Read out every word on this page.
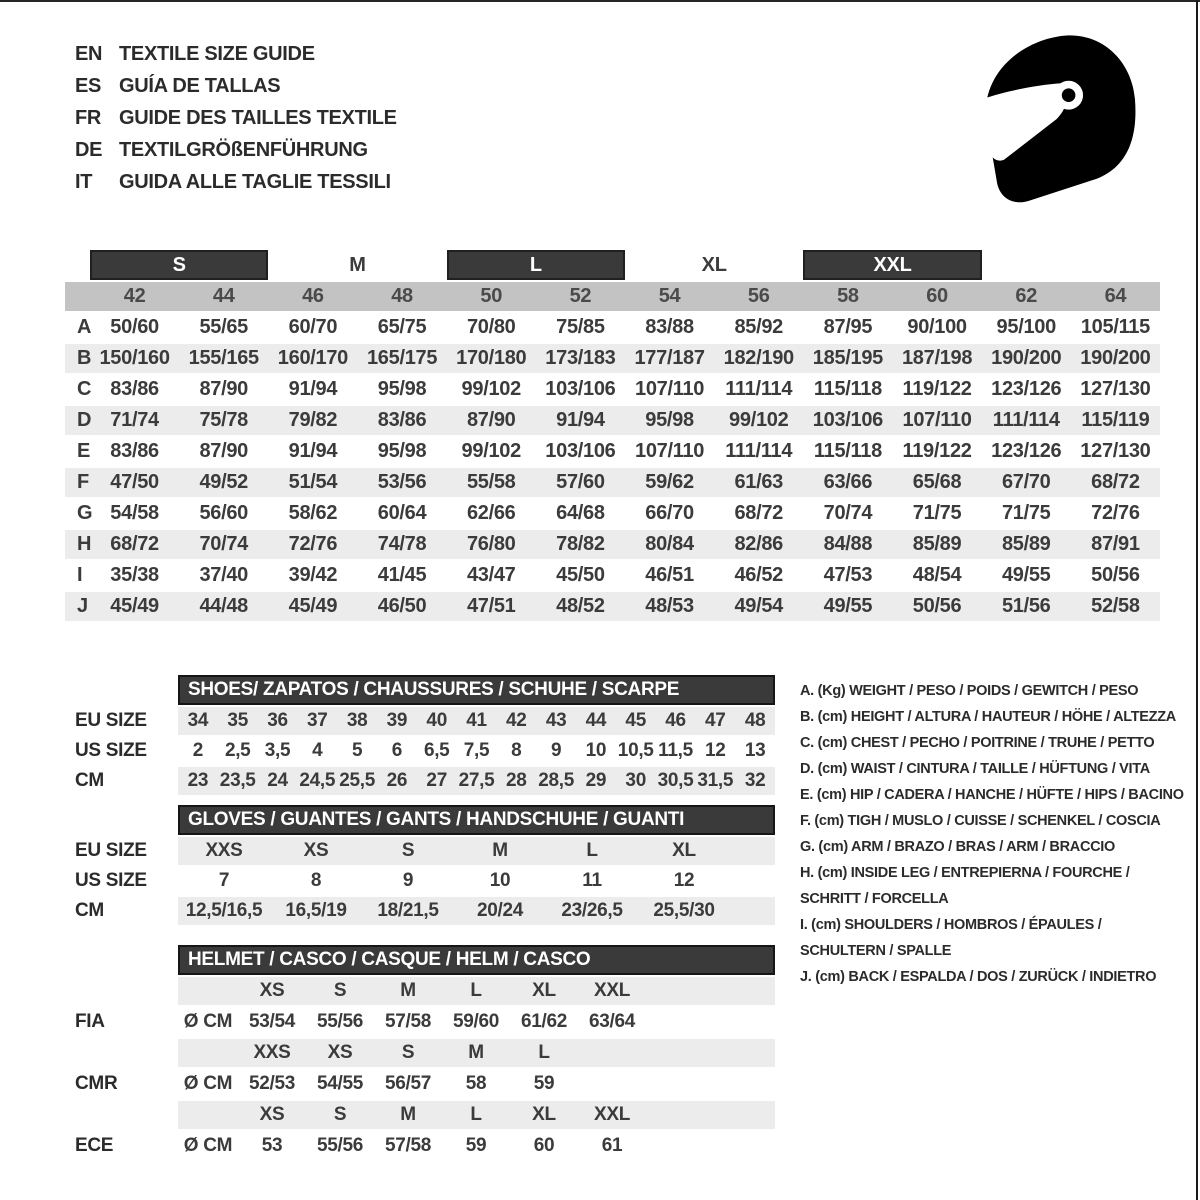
EN TEXTILE SIZE GUIDE
ES GUÍA DE TALLAS
FR GUIDE DES TAILLES TEXTILE
DE TEXTILGRÖßENFÜHRUNG
IT	GUIDA ALLE TAGLIE TESSILI
S	M	L	XL	XXL
42	44	46	48	50	52	54	56	58	60	62	64
A 50/60	55/65	60/70	65/75	70/80	75/85	83/88	85/92	87/95	90/100	95/100	105/115
B 150/160 155/165 160/170 165/175 170/180 173/183 177/187 182/190 185/195 187/198 190/200 190/200
C 83/86	87/90	91/94	95/98	99/102	103/106 107/110	111/114	115/118	119/122 123/126 127/130
D 71/74	75/78	79/82	83/86	87/90	91/94	95/98	99/102	103/106 107/110	111/114	115/119
E	83/86	87/90	91/94	95/98	99/102	103/106 107/110	111/114	115/118	119/122 123/126 127/130
F	47/50	49/52	51/54	53/56	55/58	57/60	59/62	61/63	63/66	65/68	67/70	68/72
G 54/58	56/60	58/62	60/64	62/66	64/68	66/70	68/72	70/74	71/75	71/75	72/76
H 68/72	70/74	72/76	74/78	76/80	78/82	80/84	82/86	84/88	85/89	85/89	87/91
I	35/38	37/40	39/42	41/45	43/47	45/50	46/51	46/52	47/53	48/54	49/55	50/56
J	45/49	44/48	45/49	46/50	47/51	48/52	48/53	49/54	49/55	50/56	51/56	52/58
SHOES/ ZAPATOS / CHAUSSURES / SCHUHE / SCARPE
EU SIZE	34	35	36	37	38	39	40	41	42	43	44	45	46	47	48
US SIZE	2	2,5 3,5	4	5	6	6,5 7,5	8	9	10 10,5 11,5 12	13
CM	23 23,5 24 24,5 25,5 26	27 27,5 28 28,5 29	30 30,5 31,5 32
GLOVES / GUANTES / GANTS / HANDSCHUHE / GUANTI
EU SIZE	XXS	XS	S	M	L	XL
US SIZE	7	8	9	10	11	12
CM	12,5/16,5	16,5/19	18/21,5	20/24	23/26,5	25,5/30
HELMET / CASCO / CASQUE / HELM / CASCO
XS	S	M	L	XL	XXL
FIA	Ø CM 53/54	55/56	57/58	59/60	61/62	63/64
XXS	XS	S	M	L
CMR	Ø CM 52/53	54/55	56/57	58	59
XS	S	M	L	XL	XXL
ECE	Ø CM	53	55/56	57/58	59	60	61
A. (Kg) WEIGHT / PESO / POIDS / GEWITCH / PESO
B. (cm) HEIGHT / ALTURA / HAUTEUR / HÖHE / ALTEZZA
C. (cm) CHEST / PECHO / POITRINE / TRUHE / PETTO
D. (cm) WAIST / CINTURA / TAILLE / HÜFTUNG / VITA
E. (cm) HIP / CADERA / HANCHE / HÜFTE / HIPS / BACINO
F. (cm) TIGH / MUSLO / CUISSE / SCHENKEL / COSCIA
G. (cm) ARM / BRAZO / BRAS / ARM / BRACCIO
H. (cm) INSIDE LEG / ENTREPIERNA / FOURCHE /
SCHRITT / FORCELLA
I. (cm) SHOULDERS / HOMBROS / ÉPAULES /
SCHULTERN / SPALLE
J. (cm) BACK / ESPALDA / DOS / ZURÜCK / INDIETRO
